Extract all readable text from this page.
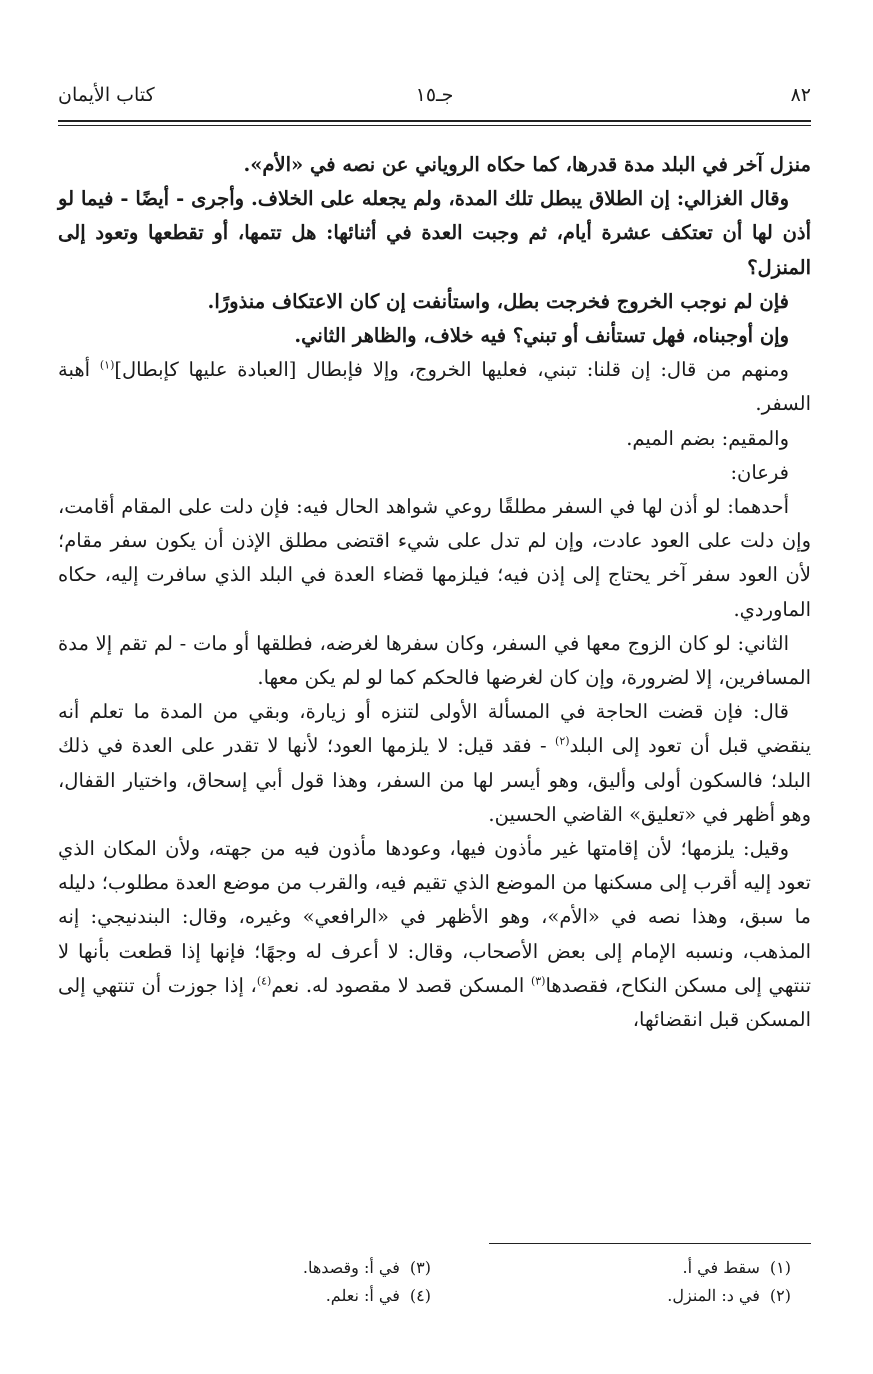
٨٢
جـ١٥
كتاب الأيمان

منزل آخر في البلد مدة قدرها، كما حكاه الروياني عن نصه في «الأم».

وقال الغزالي: إن الطلاق يبطل تلك المدة، ولم يجعله على الخلاف. وأجرى - أيضًا - فيما لو أذن لها أن تعتكف عشرة أيام، ثم وجبت العدة في أثنائها: هل تتمها، أو تقطعها وتعود إلى المنزل؟

فإن لم نوجب الخروج فخرجت بطل، واستأنفت إن كان الاعتكاف منذورًا.

وإن أوجبناه، فهل تستأنف أو تبني؟ فيه خلاف، والظاهر الثاني.

ومنهم من قال: إن قلنا: تبني، فعليها الخروج، وإلا فإبطال [العبادة عليها كإبطال]$^{(١)}$ أهبة السفر.

والمقيم: بضم الميم.

فرعان:

أحدهما: لو أذن لها في السفر مطلقًا روعي شواهد الحال فيه: فإن دلت على المقام أقامت، وإن دلت على العود عادت، وإن لم تدل على شيء اقتضى مطلق الإذن أن يكون سفر مقام؛ لأن العود سفر آخر يحتاج إلى إذن فيه؛ فيلزمها قضاء العدة في البلد الذي سافرت إليه، حكاه الماوردي.

الثاني: لو كان الزوج معها في السفر، وكان سفرها لغرضه، فطلقها أو مات - لم تقم إلا مدة المسافرين، إلا لضرورة، وإن كان لغرضها فالحكم كما لو لم يكن معها.

قال: فإن قضت الحاجة في المسألة الأولى لتنزه أو زيارة، وبقي من المدة ما تعلم أنه ينقضي قبل أن تعود إلى البلد$^{(٢)}$ - فقد قيل: لا يلزمها العود؛ لأنها لا تقدر على العدة في ذلك البلد؛ فالسكون أولى وأليق، وهو أيسر لها من السفر، وهذا قول أبي إسحاق، واختيار القفال، وهو أظهر في «تعليق» القاضي الحسين.

وقيل: يلزمها؛ لأن إقامتها غير مأذون فيها، وعودها مأذون فيه من جهته، ولأن المكان الذي تعود إليه أقرب إلى مسكنها من الموضع الذي تقيم فيه، والقرب من موضع العدة مطلوب؛ دليله ما سبق، وهذا نصه في «الأم»، وهو الأظهر في «الرافعي» وغيره، وقال: البندنيجي: إنه المذهب، ونسبه الإمام إلى بعض الأصحاب، وقال: لا أعرف له وجهًا؛ فإنها إذا قطعت بأنها لا تنتهي إلى مسكن النكاح، فقصدها$^{(٣)}$ المسكن قصد لا مقصود له. نعم$^{(٤)}$، إذا جوزت أن تنتهي إلى المسكن قبل انقضائها،

(١)سقط في أ.
(٢)في د: المنزل.
(٣)في أ: وقصدها.
(٤)في أ: نعلم.
